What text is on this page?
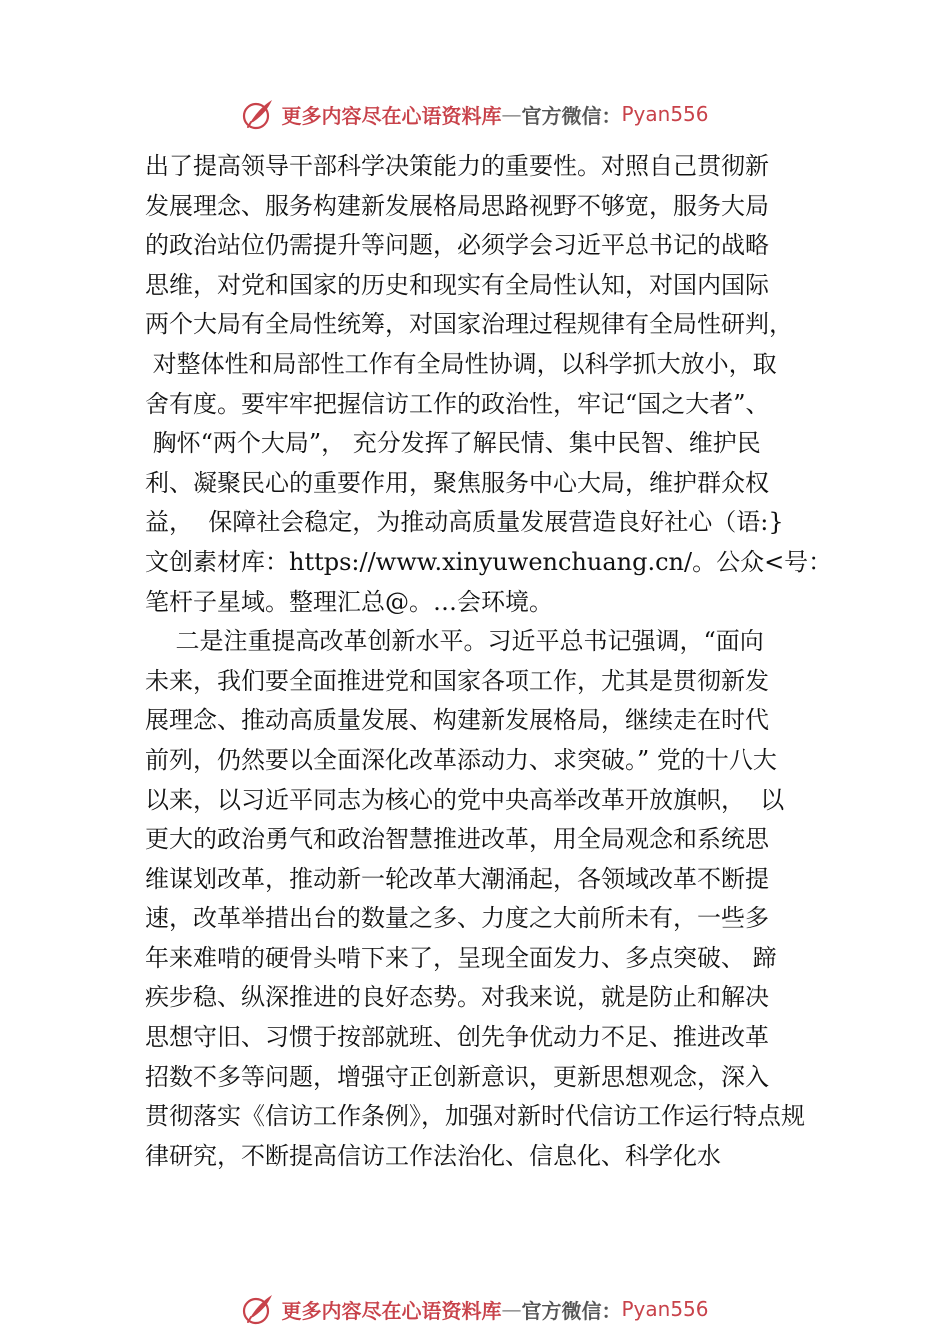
更多内容尽在心语资料库 — 官方微信： Pyan556
出了提高领导干部科学决策能力的重要性。对照自己贯彻新
发展理念、服务构建新发展格局思路视野不够宽，服务大局
的政治站位仍需提升等问题，必须学会习近平总书记的战略
思维，对党和国家的历史和现实有全局性认知，对国内国际
两个大局有全局性统筹，对国家治理过程规律有全局性研判，
对整体性和局部性工作有全局性协调，以科学抓大放小，取
舍有度。要牢牢把握信访工作的政治性，牢记“国之大者”、
胸怀“两个大局”， 充分发挥了解民情、集中民智、维护民
利、凝聚民心的重要作用，聚焦服务中心大局，维护群众权
益，  保障社会稳定，为推动高质量发展营造良好社心（语:}
文创素材库：https://www.xinyuwenchuang.cn/。公众<号：
笔杆子星域。整理汇总@。…会环境。
二是注重提高改革创新水平。习近平总书记强调，“面向
未来，我们要全面推进党和国家各项工作，尤其是贯彻新发
展理念、推动高质量发展、构建新发展格局，继续走在时代
前列，仍然要以全面深化改革添动力、求突破。” 党的十八大
以来，以习近平同志为核心的党中央高举改革开放旗帜，  以
更大的政治勇气和政治智慧推进改革，用全局观念和系统思
维谋划改革，推动新一轮改革大潮涌起，各领域改革不断提
速，改革举措出台的数量之多、力度之大前所未有，一些多
年来难啃的硬骨头啃下来了，呈现全面发力、多点突破、 蹄
疾步稳、纵深推进的良好态势。对我来说，就是防止和解决
思想守旧、习惯于按部就班、创先争优动力不足、推进改革
招数不多等问题，增强守正创新意识，更新思想观念，深入
贯彻落实《信访工作条例》，加强对新时代信访工作运行特点规
律研究，不断提高信访工作法治化、信息化、科学化水
更多内容尽在心语资料库 — 官方微信： Pyan556
